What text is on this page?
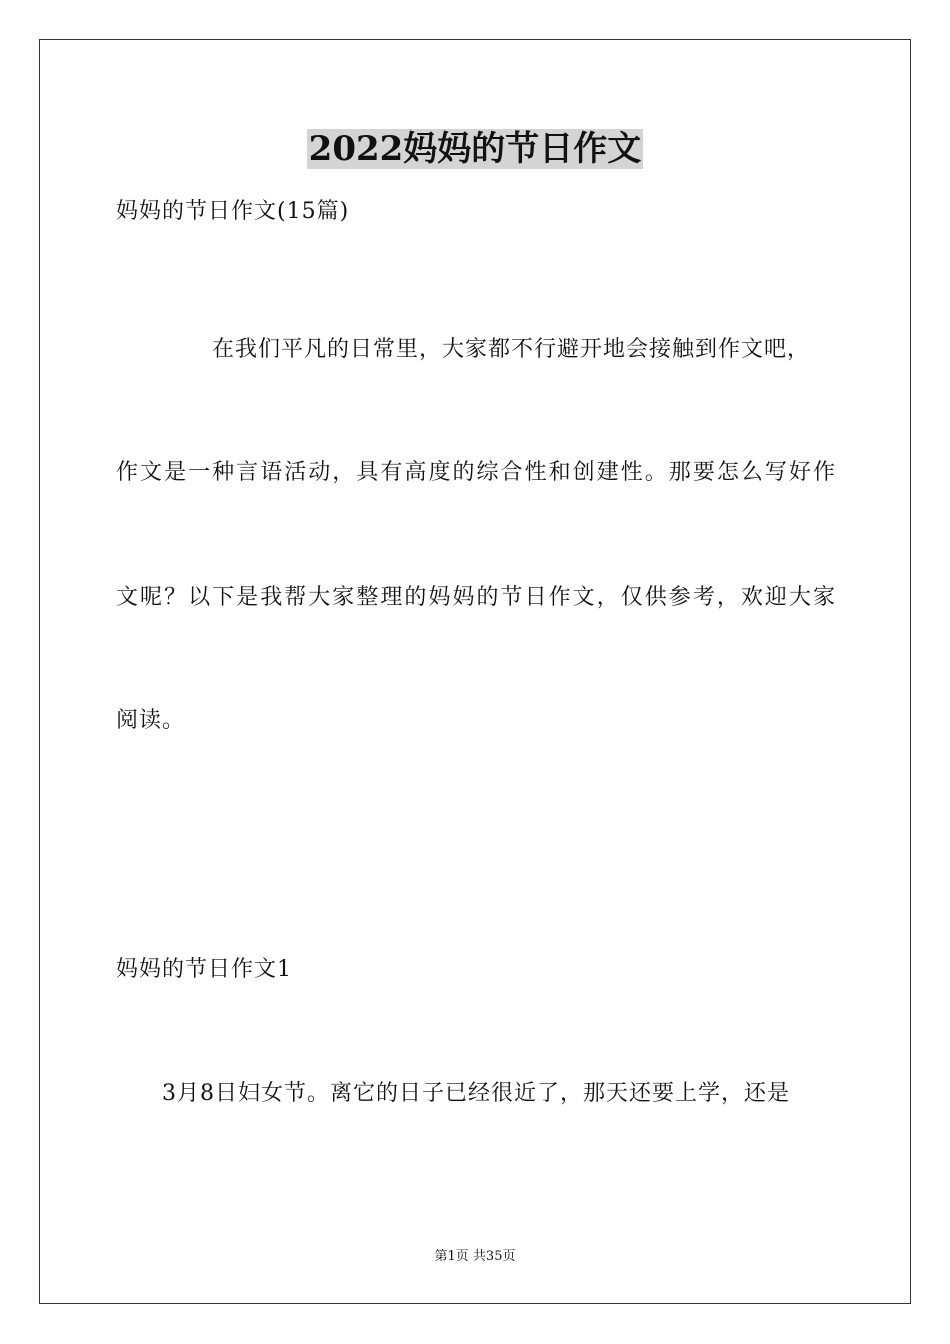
2022妈妈的节日作文
妈妈的节日作文(15篇)
在我们平凡的日常里，大家都不行避开地会接触到作文吧，
作文是一种言语活动，具有高度的综合性和创建性。那要怎么写好作
文呢？以下是我帮大家整理的妈妈的节日作文，仅供参考，欢迎大家
阅读。
妈妈的节日作文1
3月8日妇女节。离它的日子已经很近了，那天还要上学，还是
第1页 共35页
